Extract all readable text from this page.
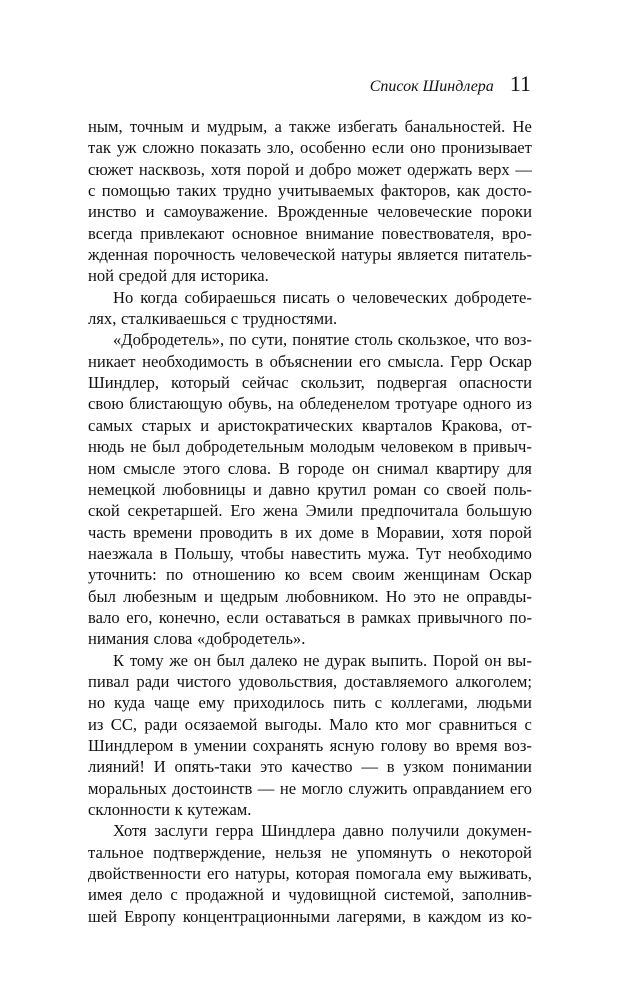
Список Шиндлера 11
ным, точным и мудрым, а также избегать банальностей. Не
так уж сложно показать зло, особенно если оно пронизывает
сюжет насквозь, хотя порой и добро может одержать верх —
с помощью таких трудно учитываемых факторов, как досто-
инство и самоуважение. Врожденные человеческие пороки
всегда привлекают основное внимание повествователя, вро-
жденная порочность человеческой натуры является питатель-
ной средой для историка.
Но когда собираешься писать о человеческих добродете-
лях, сталкиваешься с трудностями.
«Добродетель», по сути, понятие столь скользкое, что воз-
никает необходимость в объяснении его смысла. Герр Оскар
Шиндлер, который сейчас скользит, подвергая опасности
свою блистающую обувь, на обледенелом тротуаре одного из
самых старых и аристократических кварталов Кракова, от-
нюдь не был добродетельным молодым человеком в привыч-
ном смысле этого слова. В городе он снимал квартиру для
немецкой любовницы и давно крутил роман со своей поль-
ской секретаршей. Его жена Эмили предпочитала большую
часть времени проводить в их доме в Моравии, хотя порой
наезжала в Польшу, чтобы навестить мужа. Тут необходимо
уточнить: по отношению ко всем своим женщинам Оскар
был любезным и щедрым любовником. Но это не оправды-
вало его, конечно, если оставаться в рамках привычного по-
нимания слова «добродетель».
К тому же он был далеко не дурак выпить. Порой он вы-
пивал ради чистого удовольствия, доставляемого алкоголем;
но куда чаще ему приходилось пить с коллегами, людьми
из СС, ради осязаемой выгоды. Мало кто мог сравниться с
Шиндлером в умении сохранять ясную голову во время воз-
лияний! И опять-таки это качество — в узком понимании
моральных достоинств — не могло служить оправданием его
склонности к кутежам.
Хотя заслуги герра Шиндлера давно получили докумен-
тальное подтверждение, нельзя не упомянуть о некоторой
двойственности его натуры, которая помогала ему выживать,
имея дело с продажной и чудовищной системой, заполнив-
шей Европу концентрационными лагерями, в каждом из ко-
